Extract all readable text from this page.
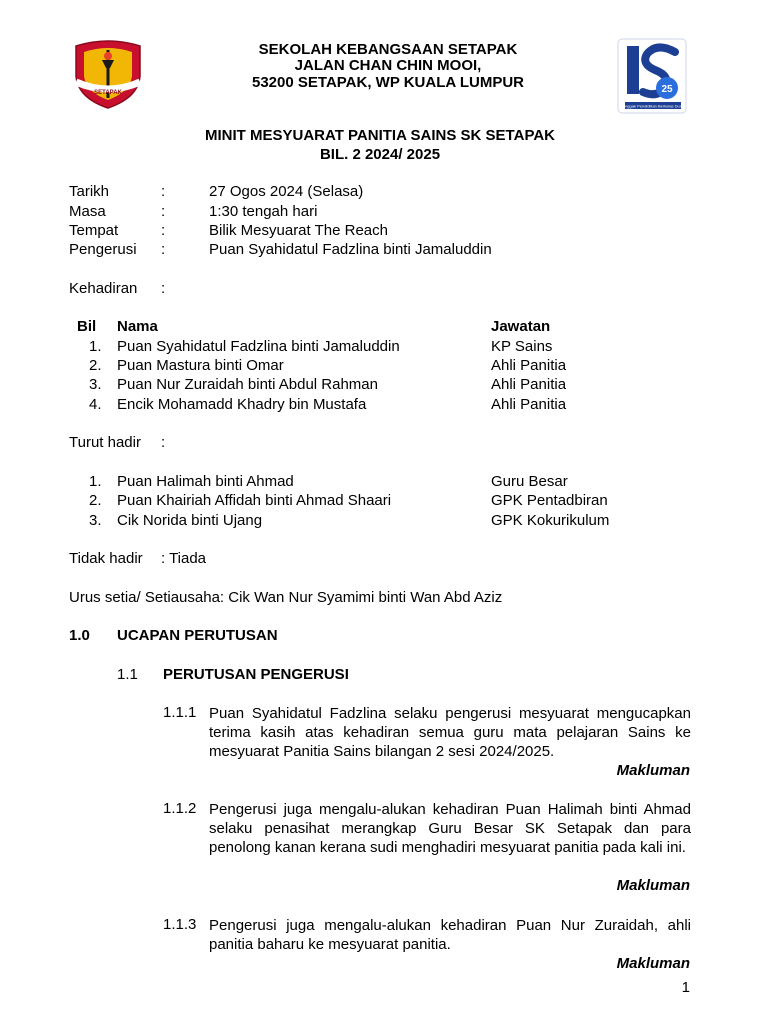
SETAPAK	25
Tonggak Pendidikan Berkelas Dunia
SEKOLAH KEBANGSAAN SETAPAK
JALAN CHAN CHIN MOOI,
53200 SETAPAK, WP KUALA LUMPUR
MINIT MESYUARAT PANITIA SAINS SK SETAPAK
BIL. 2 2024/ 2025
Tarikh	:	27 Ogos 2024 (Selasa)
Masa	:	1:30 tengah hari
Tempat	:	Bilik Mesyuarat The Reach
Pengerusi :	Puan Syahidatul Fadzlina binti Jamaluddin
Kehadiran :
Bil Nama	Jawatan
1. Puan Syahidatul Fadzlina binti Jamaluddin	KP Sains
2. Puan Mastura binti Omar	Ahli Panitia
3. Puan Nur Zuraidah binti Abdul Rahman	Ahli Panitia
4. Encik Mohamadd Khadry bin Mustafa	Ahli Panitia
Turut hadir :
1. Puan Halimah binti Ahmad	Guru Besar
2. Puan Khairiah Affidah binti Ahmad Shaari	GPK Pentadbiran
3. Cik Norida binti Ujang	GPK Kokurikulum
Tidak hadir : Tiada
Urus setia/ Setiausaha: Cik Wan Nur Syamimi binti Wan Abd Aziz
1.0 UCAPAN PERUTUSAN
1.1 PERUTUSAN PENGERUSI
1.1.1 Puan Syahidatul Fadzlina selaku pengerusi mesyuarat mengucapkan terima kasih atas kehadiran semua guru mata pelajaran Sains ke mesyuarat Panitia Sains bilangan 2 sesi 2024/2025.
Makluman
1.1.2 Pengerusi juga mengalu-alukan kehadiran Puan Halimah binti Ahmad selaku penasihat merangkap Guru Besar SK Setapak dan para penolong kanan kerana sudi menghadiri mesyuarat panitia pada kali ini.
Makluman
1.1.3 Pengerusi juga mengalu-alukan kehadiran Puan Nur Zuraidah, ahli panitia baharu ke mesyuarat panitia.
Makluman
1
